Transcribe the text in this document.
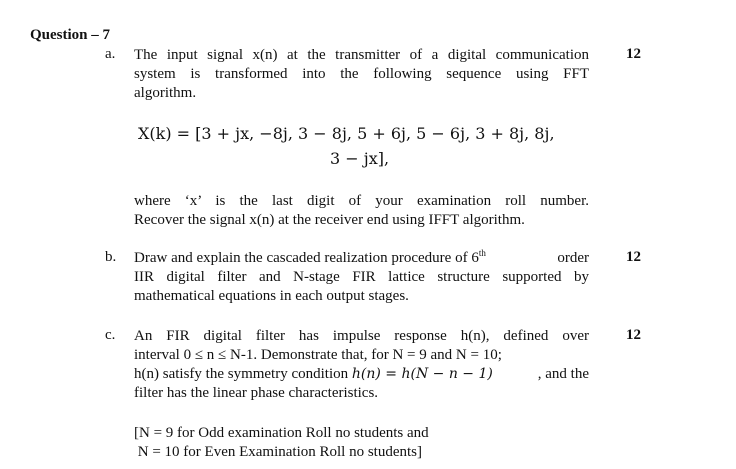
Question – 7
a.	12
The input signal x(n) at the transmitter of a digital communication
system is transformed into the following sequence using FFT
algorithm.
X(k) = [3 + jx, −8j, 3 − 8j, 5 + 6j, 5 − 6j, 3 + 8j, 8j,
3 − jx],
where ‘x’ is the last digit of your examination roll number.
Recover the signal x(n) at the receiver end using IFFT algorithm.
b.	12
Draw and explain the cascaded realization procedure of 6th	order
IIR digital filter and N-stage FIR lattice structure supported by
mathematical equations in each output stages.
c.	12
An FIR digital filter has impulse response h(n), defined over
interval 0 ≤ n ≤ N-1. Demonstrate that, for N = 9 and N = 10;
h(n) satisfy the symmetry condition h(n) = h(N − n − 1)	, and the
filter has the linear phase characteristics.
[N = 9 for Odd examination Roll no students and
N = 10 for Even Examination Roll no students]
